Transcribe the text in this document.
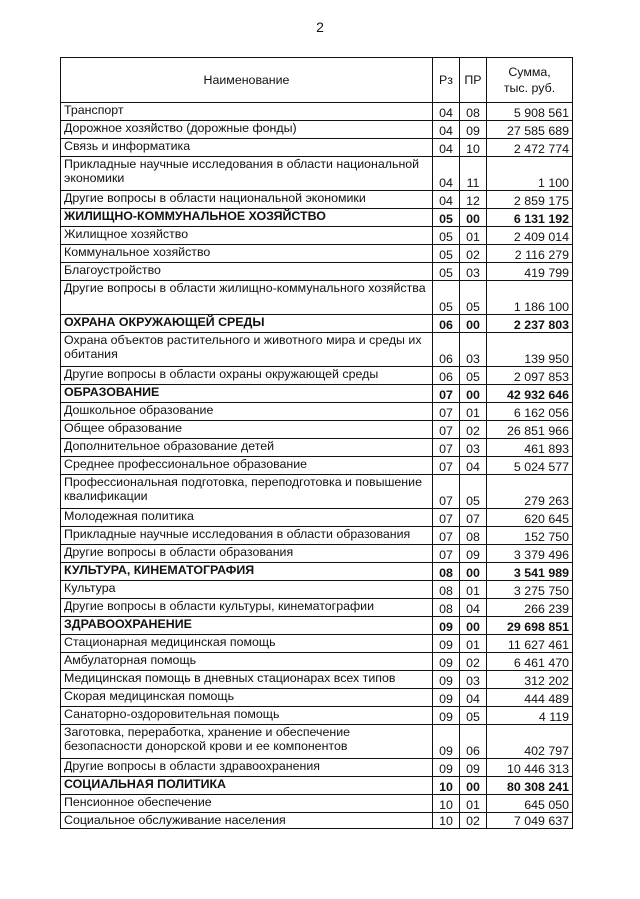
2
Наименование	Рз	ПР	Сумма,
тыс. руб.
Транспорт	04	08	5 908 561
Дорожное хозяйство (дорожные фонды)	04	09	27 585 689
Связь и информатика	04	10	2 472 774
Прикладные научные исследования в области национальной экономики	04	11	1 100
Другие вопросы в области национальной экономики	04	12	2 859 175
ЖИЛИЩНО-КОММУНАЛЬНОЕ ХОЗЯЙСТВО	05	00	6 131 192
Жилищное хозяйство	05	01	2 409 014
Коммунальное хозяйство	05	02	2 116 279
Благоустройство	05	03	419 799
Другие вопросы в области жилищно-коммунального хозяйства	05	05	1 186 100
ОХРАНА ОКРУЖАЮЩЕЙ СРЕДЫ	06	00	2 237 803
Охрана объектов растительного и животного мира и среды их обитания	06	03	139 950
Другие вопросы в области охраны окружающей среды	06	05	2 097 853
ОБРАЗОВАНИЕ	07	00	42 932 646
Дошкольное образование	07	01	6 162 056
Общее образование	07	02	26 851 966
Дополнительное образование детей	07	03	461 893
Среднее профессиональное образование	07	04	5 024 577
Профессиональная подготовка, переподготовка и повышение квалификации	07	05	279 263
Молодежная политика	07	07	620 645
Прикладные научные исследования в области образования	07	08	152 750
Другие вопросы в области образования	07	09	3 379 496
КУЛЬТУРА, КИНЕМАТОГРАФИЯ	08	00	3 541 989
Культура	08	01	3 275 750
Другие вопросы в области культуры, кинематографии	08	04	266 239
ЗДРАВООХРАНЕНИЕ	09	00	29 698 851
Стационарная медицинская помощь	09	01	11 627 461
Амбулаторная помощь	09	02	6 461 470
Медицинская помощь в дневных стационарах всех типов	09	03	312 202
Скорая медицинская помощь	09	04	444 489
Санаторно-оздоровительная помощь	09	05	4 119
Заготовка, переработка, хранение и обеспечение безопасности донорской крови и ее компонентов	09	06	402 797
Другие вопросы в области здравоохранения	09	09	10 446 313
СОЦИАЛЬНАЯ ПОЛИТИКА	10	00	80 308 241
Пенсионное обеспечение	10	01	645 050
Социальное обслуживание населения	10	02	7 049 637
